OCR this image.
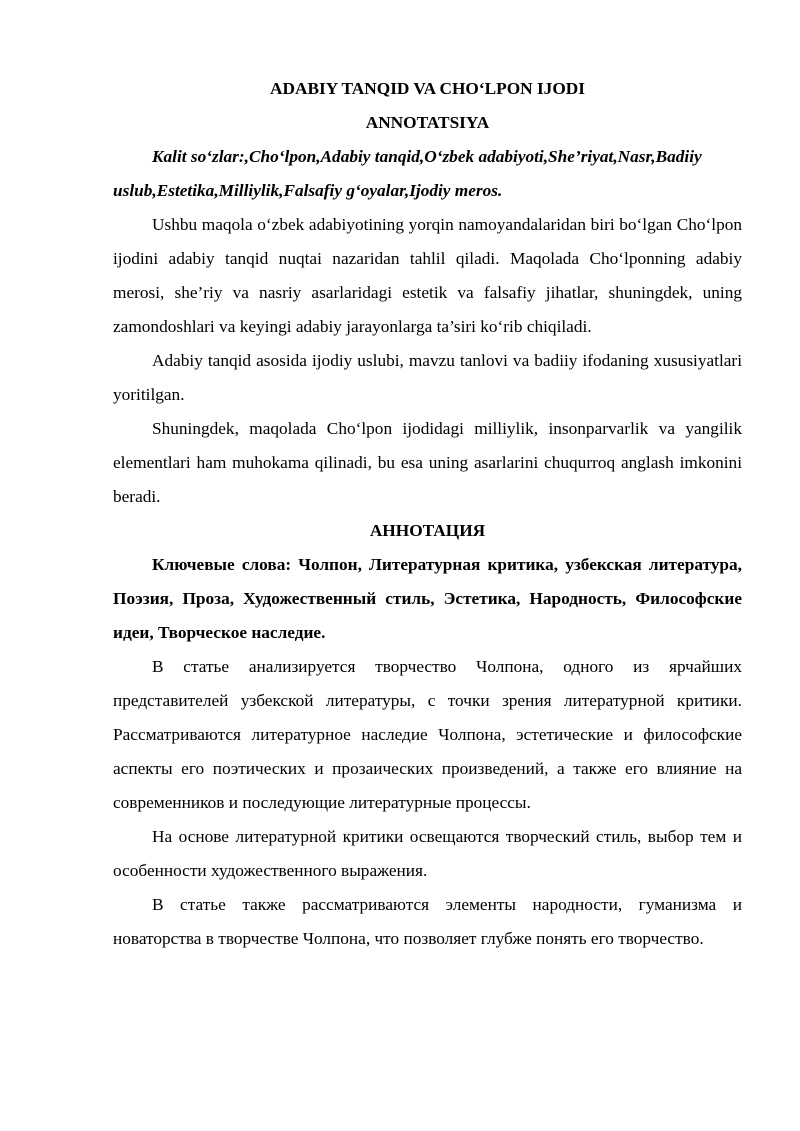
ADABIY TANQID VA CHO‘LPON IJODI
ANNOTATSIYA

Kalit so‘zlar:,Cho‘lpon,Adabiy tanqid,O‘zbek adabiyoti,She’riyat,Nasr,Badiiy uslub,Estetika,Milliylik,Falsafiy g‘oyalar,Ijodiy meros.

Ushbu maqola o‘zbek adabiyotining yorqin namoyandalaridan biri bo‘lgan Cho‘lpon ijodini adabiy tanqid nuqtai nazaridan tahlil qiladi. Maqolada Cho‘lponning adabiy merosi, she’riy va nasriy asarlaridagi estetik va falsafiy jihatlar, shuningdek, uning zamondoshlari va keyingi adabiy jarayonlarga ta’siri ko‘rib chiqiladi.

Adabiy tanqid asosida ijodiy uslubi, mavzu tanlovi va badiiy ifodaning xususiyatlari yoritilgan.

Shuningdek, maqolada Cho‘lpon ijodidagi milliylik, insonparvarlik va yangilik elementlari ham muhokama qilinadi, bu esa uning asarlarini chuqurroq anglash imkonini beradi.

АННОТАЦИЯ

Ключевые слова: Чолпон, Литературная критика, узбекская литература, Поэзия, Проза, Художественный стиль, Эстетика, Народность, Философские идеи, Творческое наследие.

В статье анализируется творчество Чолпона, одного из ярчайших представителей узбекской литературы, с точки зрения литературной критики. Рассматриваются литературное наследие Чолпона, эстетические и философские аспекты его поэтических и прозаических произведений, а также его влияние на современников и последующие литературные процессы.

На основе литературной критики освещаются творческий стиль, выбор тем и особенности художественного выражения.

В статье также рассматриваются элементы народности, гуманизма и новаторства в творчестве Чолпона, что позволяет глубже понять его творчество.
